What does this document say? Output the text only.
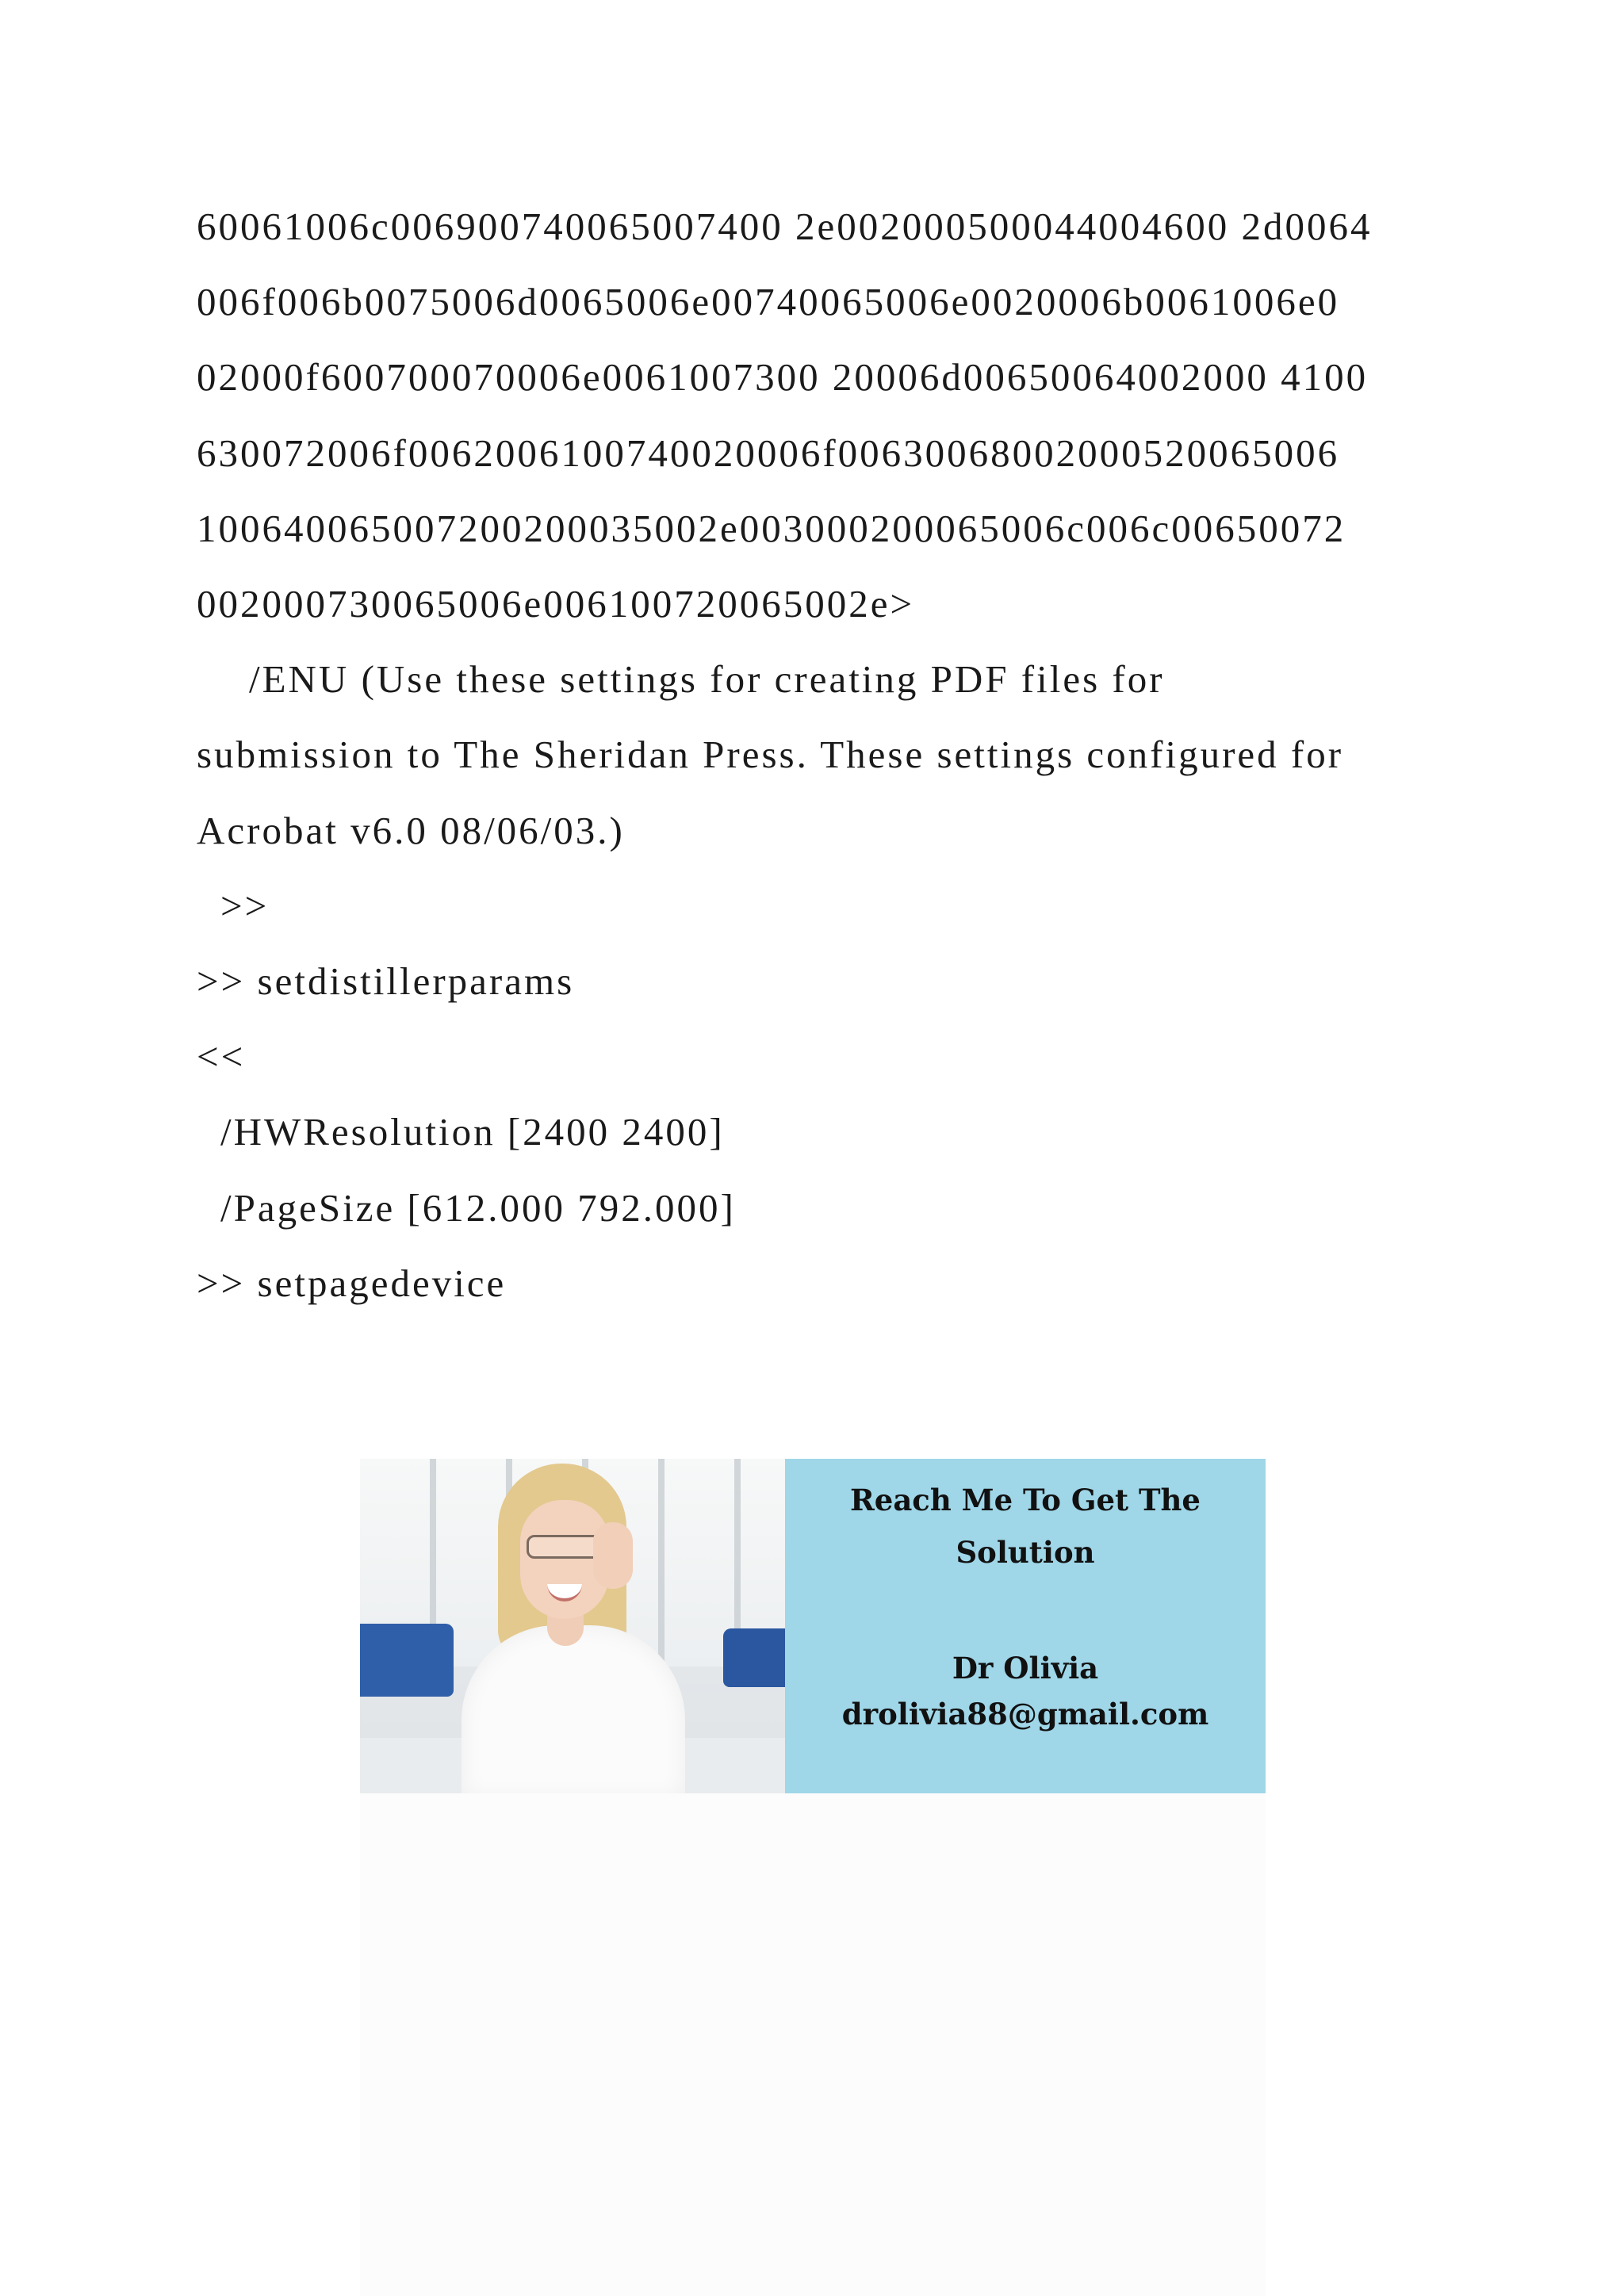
60061006c006900740065007400 2e002000500044004600 2d0064
006f006b0075006d0065006e00740065006e0020006b0061006e0
02000f600700070006e0061007300 20006d00650064002000 4100
630072006f0062006100740020006f00630068002000520065006
100640065007200200035002e003000200065006c006c00650072
002000730065006e006100720065002e>
/ENU (Use these settings for creating PDF files for
submission to The Sheridan Press. These settings configured for
Acrobat v6.0 08/06/03.)
>>
>> setdistillerparams
<<
/HWResolution [2400 2400]
/PageSize [612.000 792.000]
>> setpagedevice
Reach Me To Get The
Solution
Dr Olivia
drolivia88@gmail.com
